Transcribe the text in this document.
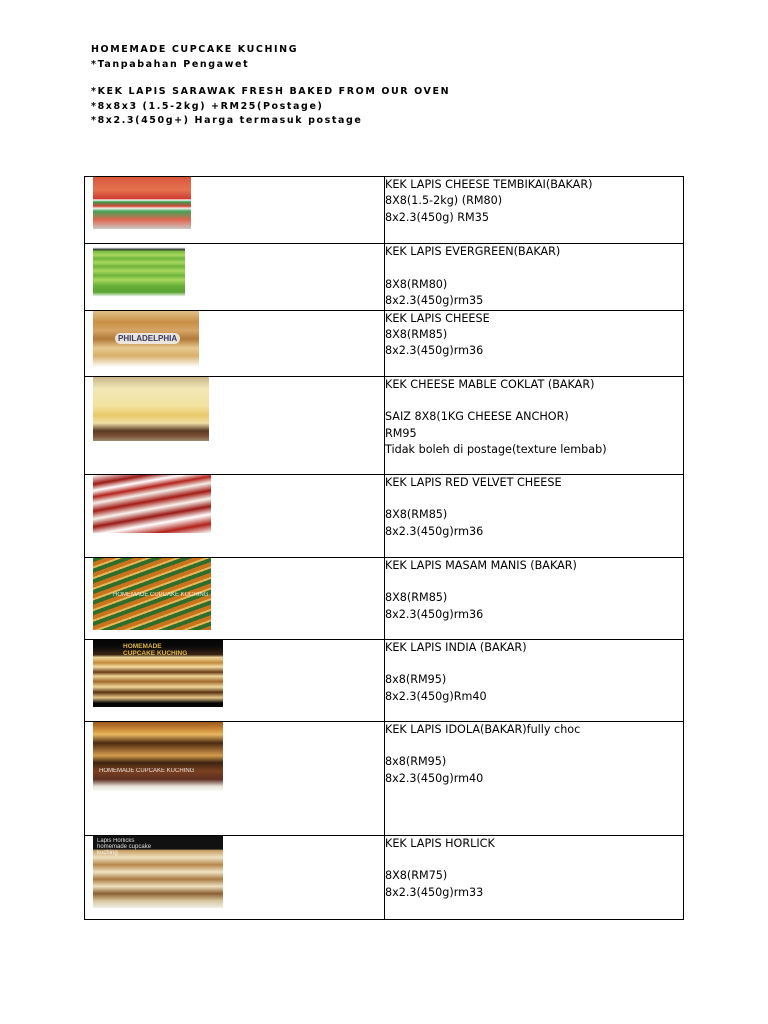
HOMEMADE CUPCAKE KUCHING
*Tanpabahan Pengawet
*KEK LAPIS SARAWAK FRESH BAKED FROM OUR OVEN
*8x8x3 (1.5-2kg) +RM25(Postage)
*8x2.3(450g+) Harga termasuk postage

	KEK LAPIS CHEESE TEMBIKAI(BAKAR)
8X8(1.5-2kg) (RM80)
8x2.3(450g) RM35

	KEK LAPIS EVERGREEN(BAKAR)
8X8(RM80)
8x2.3(450g)rm35

PHILADELPHIA	KEK LAPIS CHEESE
8X8(RM85)
8x2.3(450g)rm36

	KEK CHEESE MABLE COKLAT (BAKAR)
SAIZ 8X8(1KG CHEESE ANCHOR)
RM95
Tidak boleh di postage(texture lembab)

	KEK LAPIS RED VELVET CHEESE
8X8(RM85)
8x2.3(450g)rm36

HOMEMADE CUPCAKE KUCHING	KEK LAPIS MASAM MANIS (BAKAR)
8X8(RM85)
8x2.3(450g)rm36

HOMEMADE CUPCAKE KUCHING	KEK LAPIS INDIA (BAKAR)
8x8(RM95)
8x2.3(450g)Rm40

HOMEMADE CUPCAKE KUCHING	KEK LAPIS IDOLA(BAKAR)fully choc
8x8(RM95)
8x2.3(450g)rm40

Lapis Horlicks homemade cupcake kuching	KEK LAPIS HORLICK
8X8(RM75)
8x2.3(450g)rm33
